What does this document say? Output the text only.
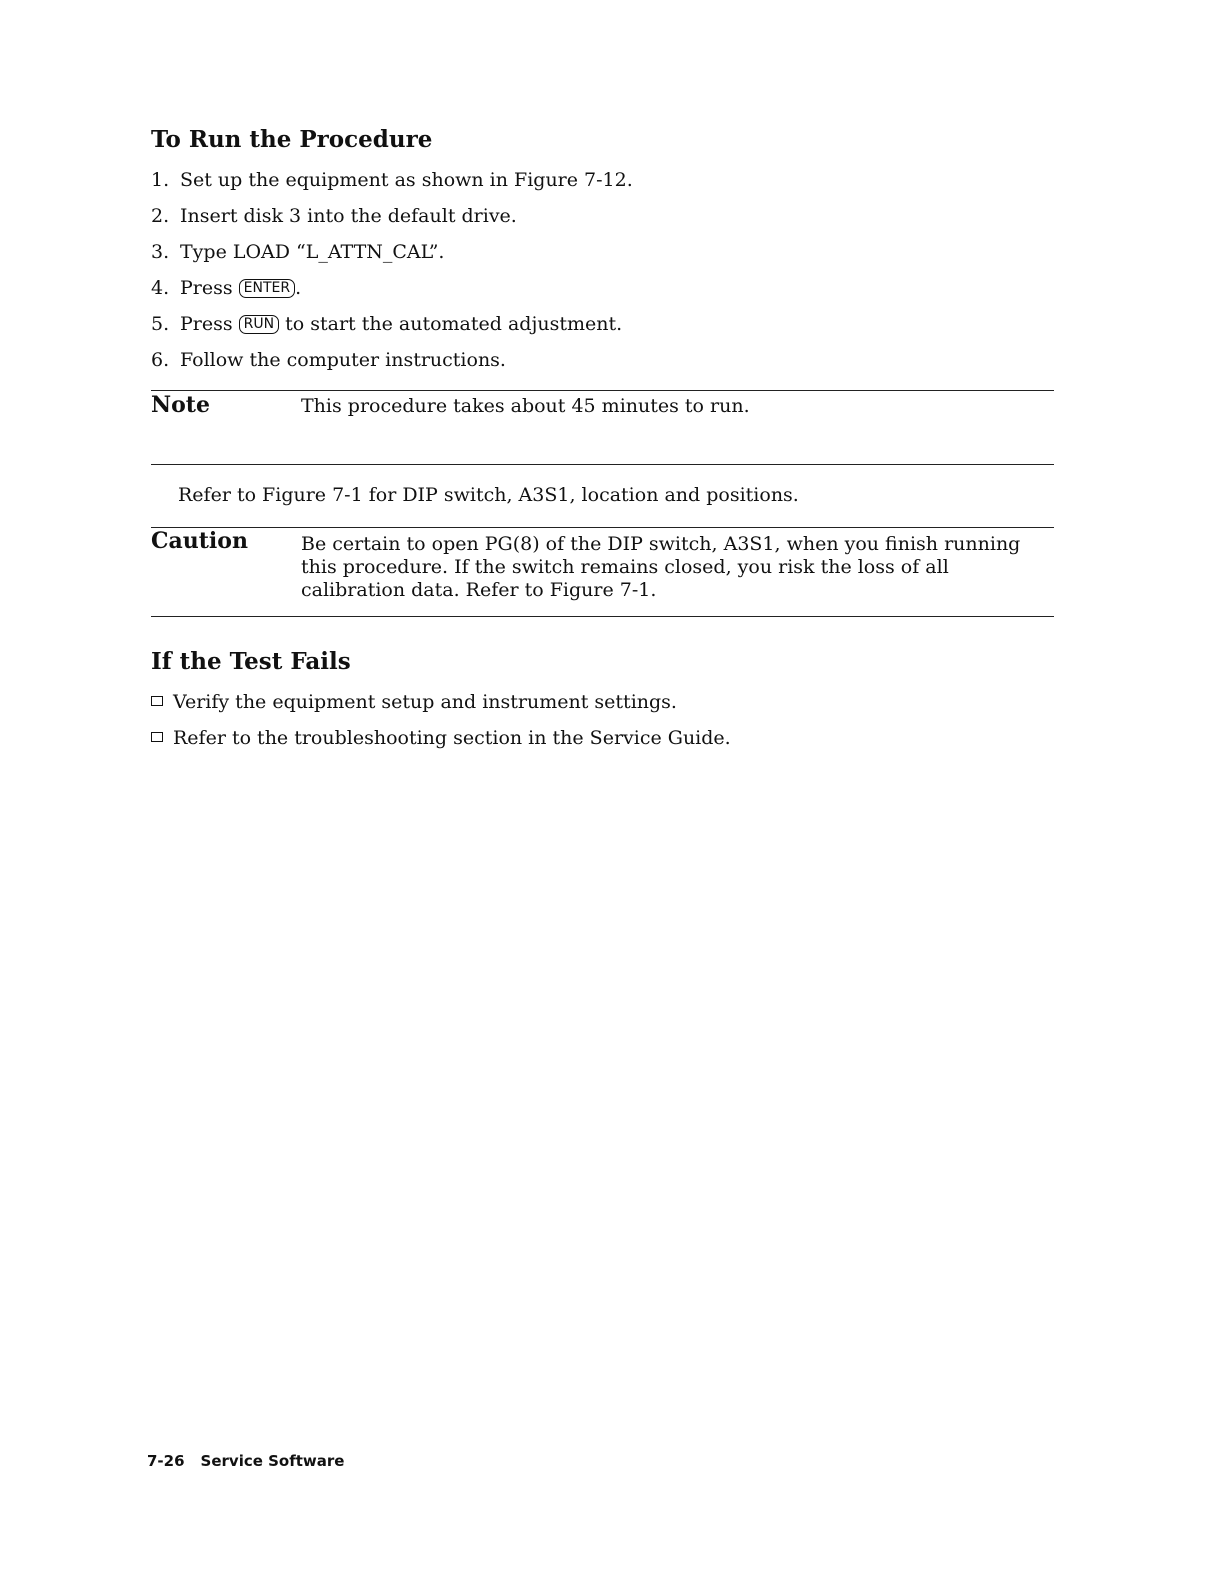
To Run the Procedure
1. Set up the equipment as shown in Figure 7-12.
2. Insert disk 3 into the default drive.
3. Type LOAD “L_ATTN_CAL”.
4. Press ENTER .
5. Press RUN to start the automated adjustment.
6. Follow the computer instructions.
Note	This procedure takes about 45 minutes to run.
Refer to Figure 7-1 for DIP switch, A3S1, location and positions.
Caution	Be certain to open PG(8) of the DIP switch, A3S1, when you finish running this procedure. If the switch remains closed, you risk the loss of all calibration data. Refer to Figure 7-1.
If the Test Fails
Verify the equipment setup and instrument settings.
Refer to the troubleshooting section in the Service Guide.
7-26 Service Software
